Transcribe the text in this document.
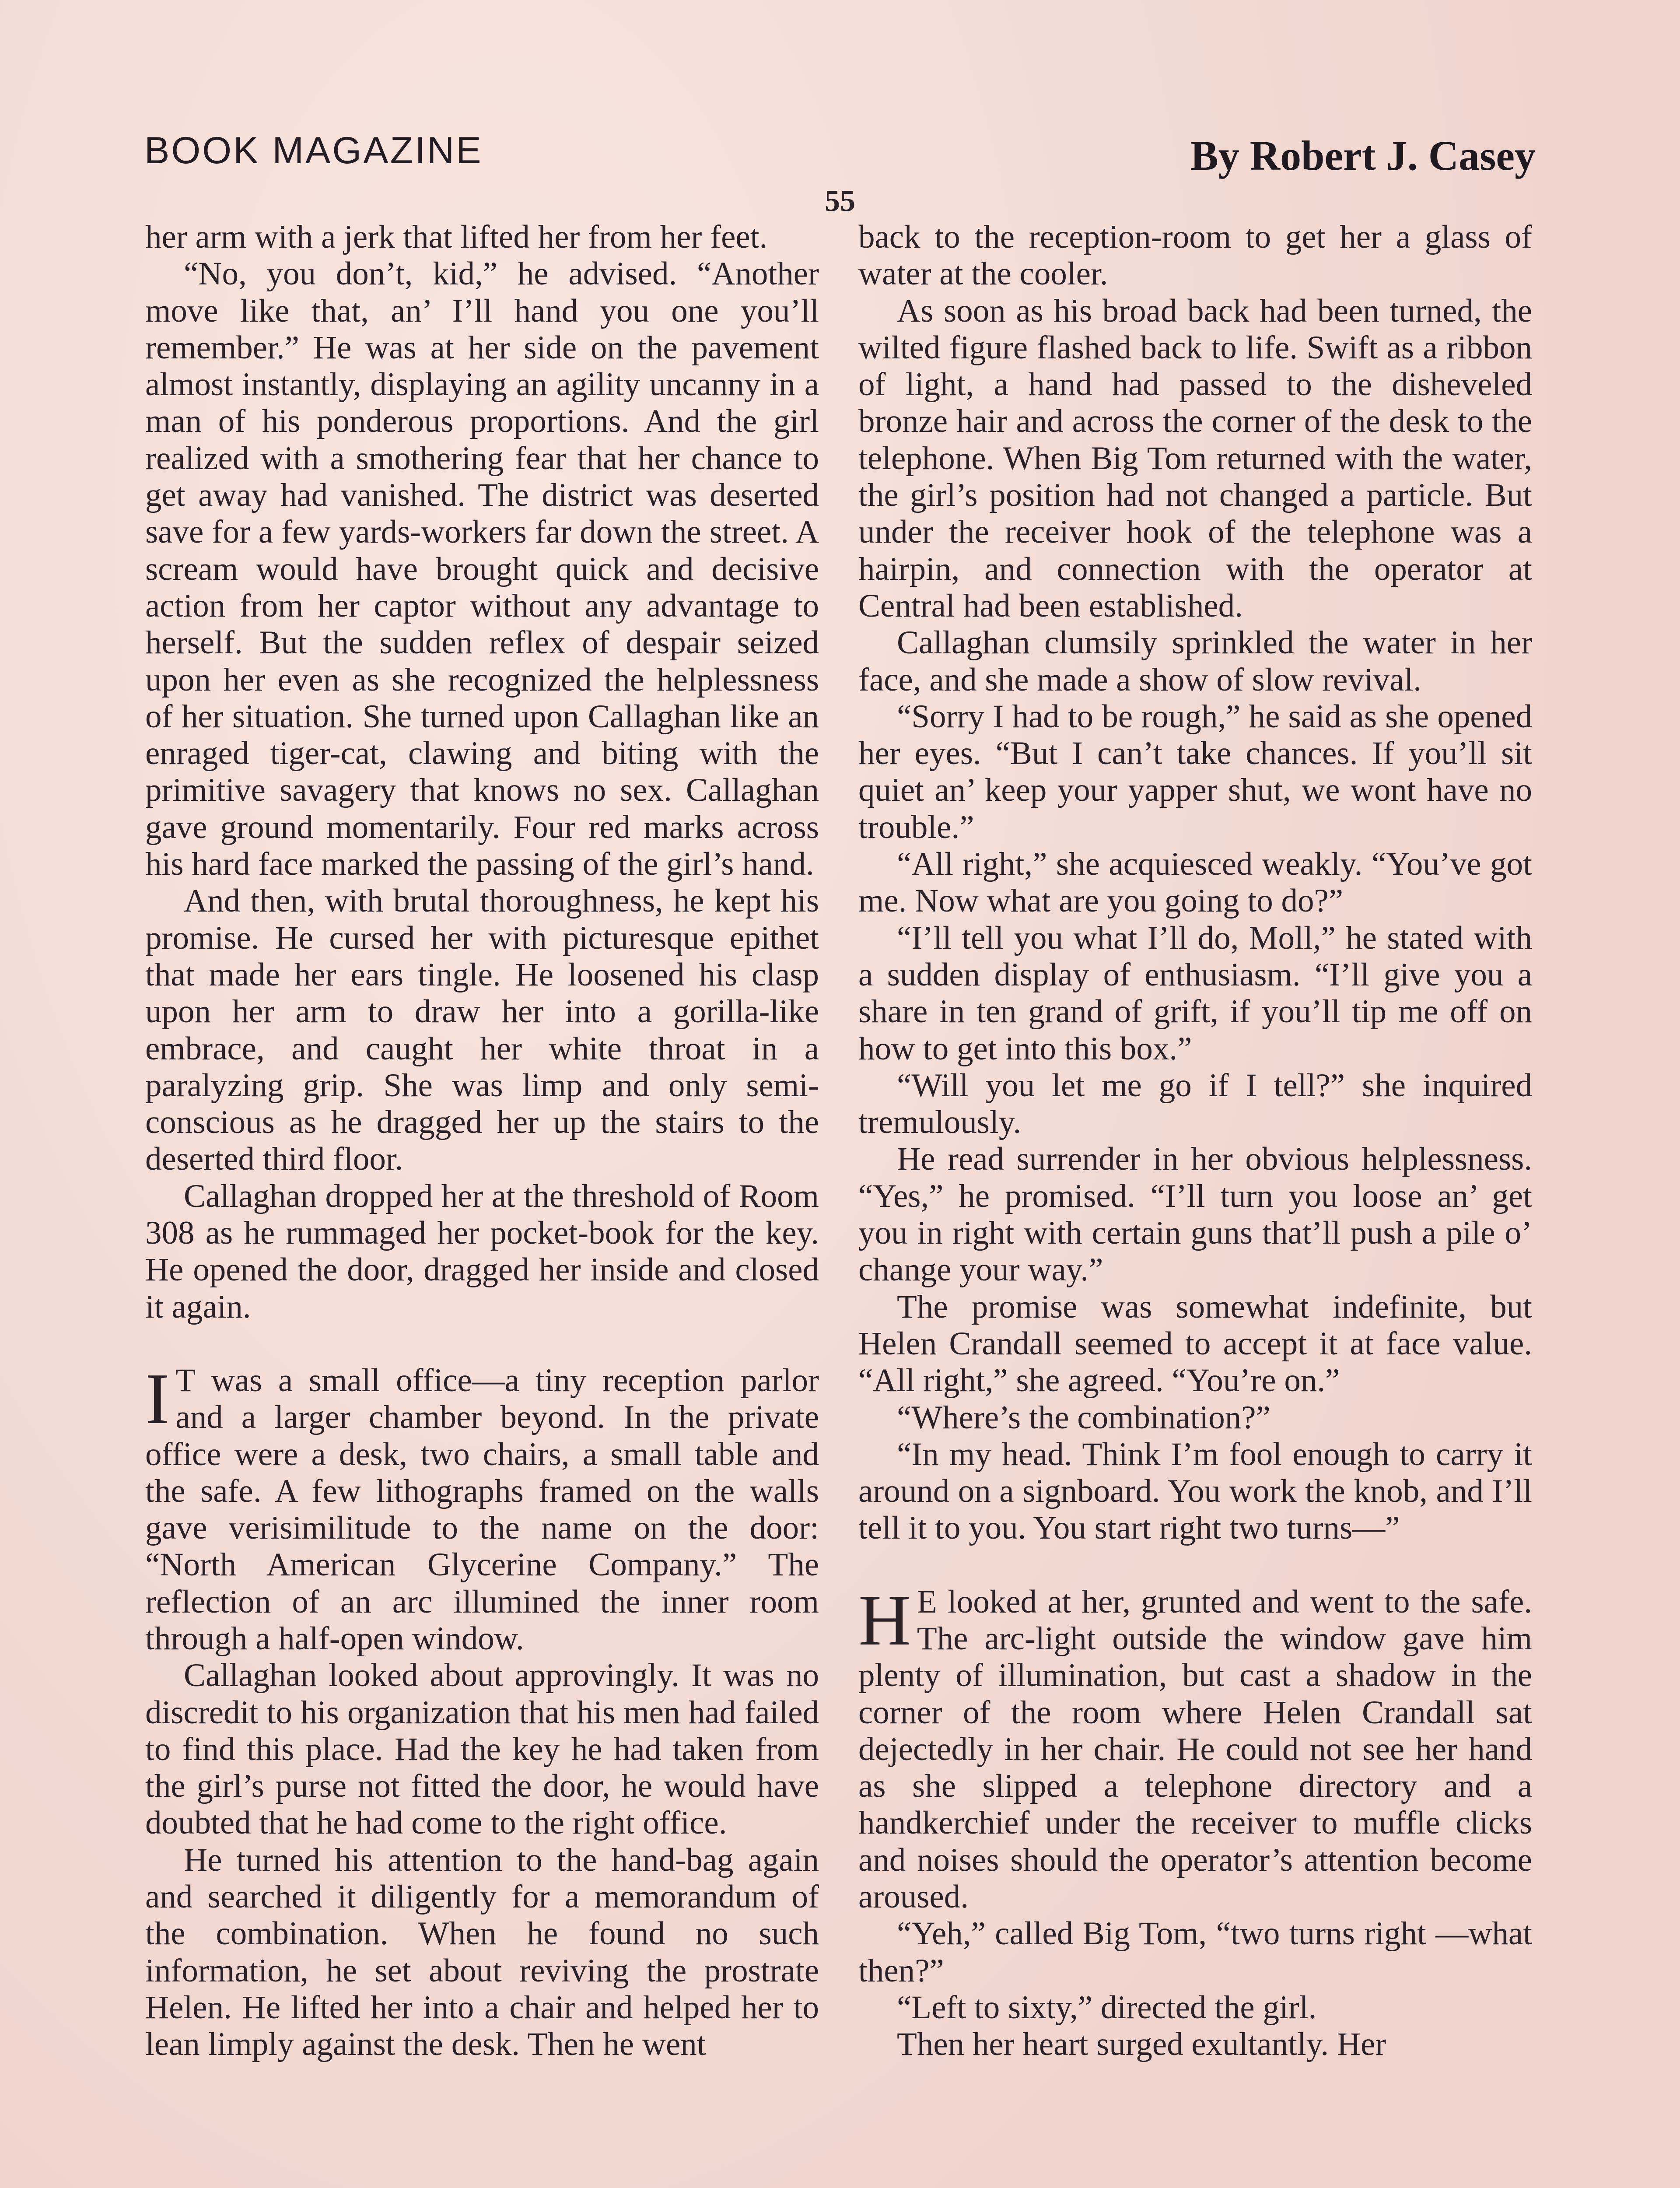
BOOK MAGAZINE	By Robert J. Casey
55

her arm with a jerk that lifted her from her feet.

“No, you don’t, kid,” he advised. “Another move like that, an’ I’ll hand you one you’ll remember.” He was at her side on the pavement almost instantly, displaying an agility uncanny in a man of his ponderous proportions. And the girl realized with a smothering fear that her chance to get away had vanished. The district was deserted save for a few yards-workers far down the street. A scream would have brought quick and decisive action from her captor without any advantage to herself. But the sudden reflex of despair seized upon her even as she recognized the helplessness of her situation. She turned upon Callaghan like an enraged tiger-cat, clawing and biting with the primitive savagery that knows no sex. Callaghan gave ground momentarily. Four red marks across his hard face marked the passing of the girl’s hand.

And then, with brutal thoroughness, he kept his promise. He cursed her with picturesque epithet that made her ears tingle. He loosened his clasp upon her arm to draw her into a gorilla-like embrace, and caught her white throat in a paralyzing grip. She was limp and only semi-conscious as he dragged her up the stairs to the deserted third floor.

Callaghan dropped her at the threshold of Room 308 as he rummaged her pocket-book for the key. He opened the door, dragged her inside and closed it again.

I T was a small office—a tiny reception parlor and a larger chamber beyond. In the private office were a desk, two chairs, a small table and the safe. A few lithographs framed on the walls gave verisimilitude to the name on the door: “North American Glycerine Company.” The reflection of an arc illumined the inner room through a half-open window.

Callaghan looked about approvingly. It was no discredit to his organization that his men had failed to find this place. Had the key he had taken from the girl’s purse not fitted the door, he would have doubted that he had come to the right office.

He turned his attention to the hand-bag again and searched it diligently for a memorandum of the combination. When he found no such information, he set about reviving the prostrate Helen. He lifted her into a chair and helped her to lean limply against the desk. Then he went

back to the reception-room to get her a glass of water at the cooler.

As soon as his broad back had been turned, the wilted figure flashed back to life. Swift as a ribbon of light, a hand had passed to the disheveled bronze hair and across the corner of the desk to the telephone. When Big Tom returned with the water, the girl’s position had not changed a particle. But under the receiver hook of the telephone was a hairpin, and connection with the operator at Central had been established.

Callaghan clumsily sprinkled the water in her face, and she made a show of slow revival.

“Sorry I had to be rough,” he said as she opened her eyes. “But I can’t take chances. If you’ll sit quiet an’ keep your yapper shut, we wont have no trouble.”

“All right,” she acquiesced weakly. “You’ve got me. Now what are you going to do?”

“I’ll tell you what I’ll do, Moll,” he stated with a sudden display of enthusiasm. “I’ll give you a share in ten grand of grift, if you’ll tip me off on how to get into this box.”

“Will you let me go if I tell?” she inquired tremulously.

He read surrender in her obvious helplessness. “Yes,” he promised. “I’ll turn you loose an’ get you in right with certain guns that’ll push a pile o’ change your way.”

The promise was somewhat indefinite, but Helen Crandall seemed to accept it at face value. “All right,” she agreed. “You’re on.”

“Where’s the combination?”

“In my head. Think I’m fool enough to carry it around on a signboard. You work the knob, and I’ll tell it to you. You start right two turns—”

H E looked at her, grunted and went to the safe. The arc-light outside the window gave him plenty of illumination, but cast a shadow in the corner of the room where Helen Crandall sat dejectedly in her chair. He could not see her hand as she slipped a telephone directory and a handkerchief under the receiver to muffle clicks and noises should the operator’s attention become aroused.

“Yeh,” called Big Tom, “two turns right —what then?”

“Left to sixty,” directed the girl.

Then her heart surged exultantly. Her
